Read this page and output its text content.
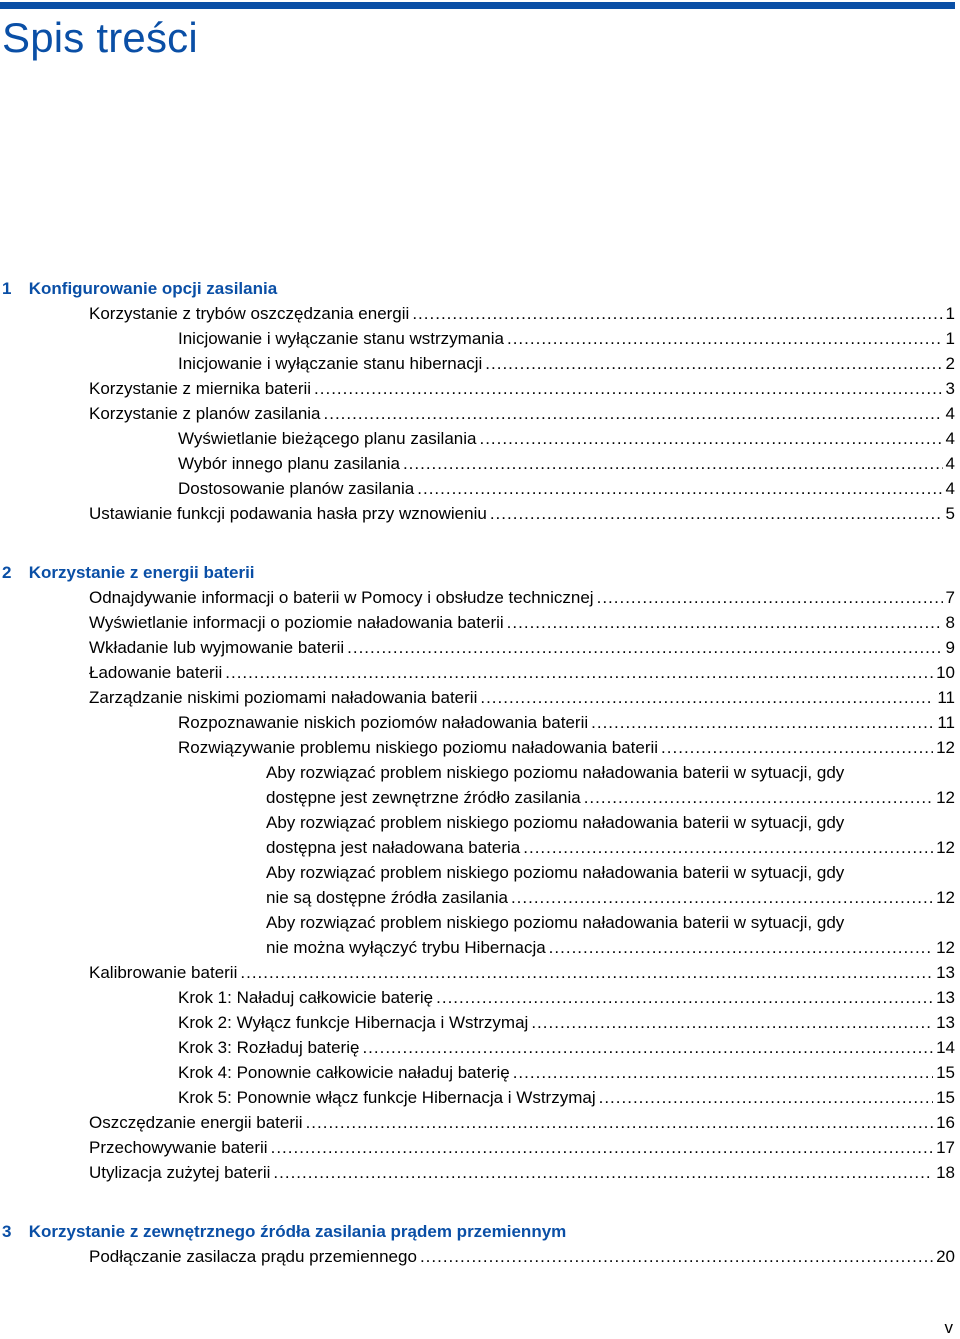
Spis treści
1 Konfigurowanie opcji zasilania
Korzystanie z trybów oszczędzania energii .....	1
Inicjowanie i wyłączanie stanu wstrzymania .....	1
Inicjowanie i wyłączanie stanu hibernacji .....	2
Korzystanie z miernika baterii .....	3
Korzystanie z planów zasilania .....	4
Wyświetlanie bieżącego planu zasilania .....	4
Wybór innego planu zasilania .....	4
Dostosowanie planów zasilania .....	4
Ustawianie funkcji podawania hasła przy wznowieniu .....	5
2 Korzystanie z energii baterii
Odnajdywanie informacji o baterii w Pomocy i obsłudze technicznej .....	7
Wyświetlanie informacji o poziomie naładowania baterii .....	8
Wkładanie lub wyjmowanie baterii .....	9
Ładowanie baterii .....	10
Zarządzanie niskimi poziomami naładowania baterii .....	11
Rozpoznawanie niskich poziomów naładowania baterii .....	11
Rozwiązywanie problemu niskiego poziomu naładowania baterii .....	12
Aby rozwiązać problem niskiego poziomu naładowania baterii w sytuacji, gdy
dostępne jest zewnętrzne źródło zasilania .....	12
Aby rozwiązać problem niskiego poziomu naładowania baterii w sytuacji, gdy
dostępna jest naładowana bateria .....	12
Aby rozwiązać problem niskiego poziomu naładowania baterii w sytuacji, gdy
nie są dostępne źródła zasilania .....	12
Aby rozwiązać problem niskiego poziomu naładowania baterii w sytuacji, gdy
nie można wyłączyć trybu Hibernacja .....	12
Kalibrowanie baterii .....	13
Krok 1: Naładuj całkowicie baterię .....	13
Krok 2: Wyłącz funkcje Hibernacja i Wstrzymaj .....	13
Krok 3: Rozładuj baterię .....	14
Krok 4: Ponownie całkowicie naładuj baterię .....	15
Krok 5: Ponownie włącz funkcje Hibernacja i Wstrzymaj .....	15
Oszczędzanie energii baterii .....	16
Przechowywanie baterii .....	17
Utylizacja zużytej baterii .....	18
3 Korzystanie z zewnętrznego źródła zasilania prądem przemiennym
Podłączanie zasilacza prądu przemiennego .....	20
v
